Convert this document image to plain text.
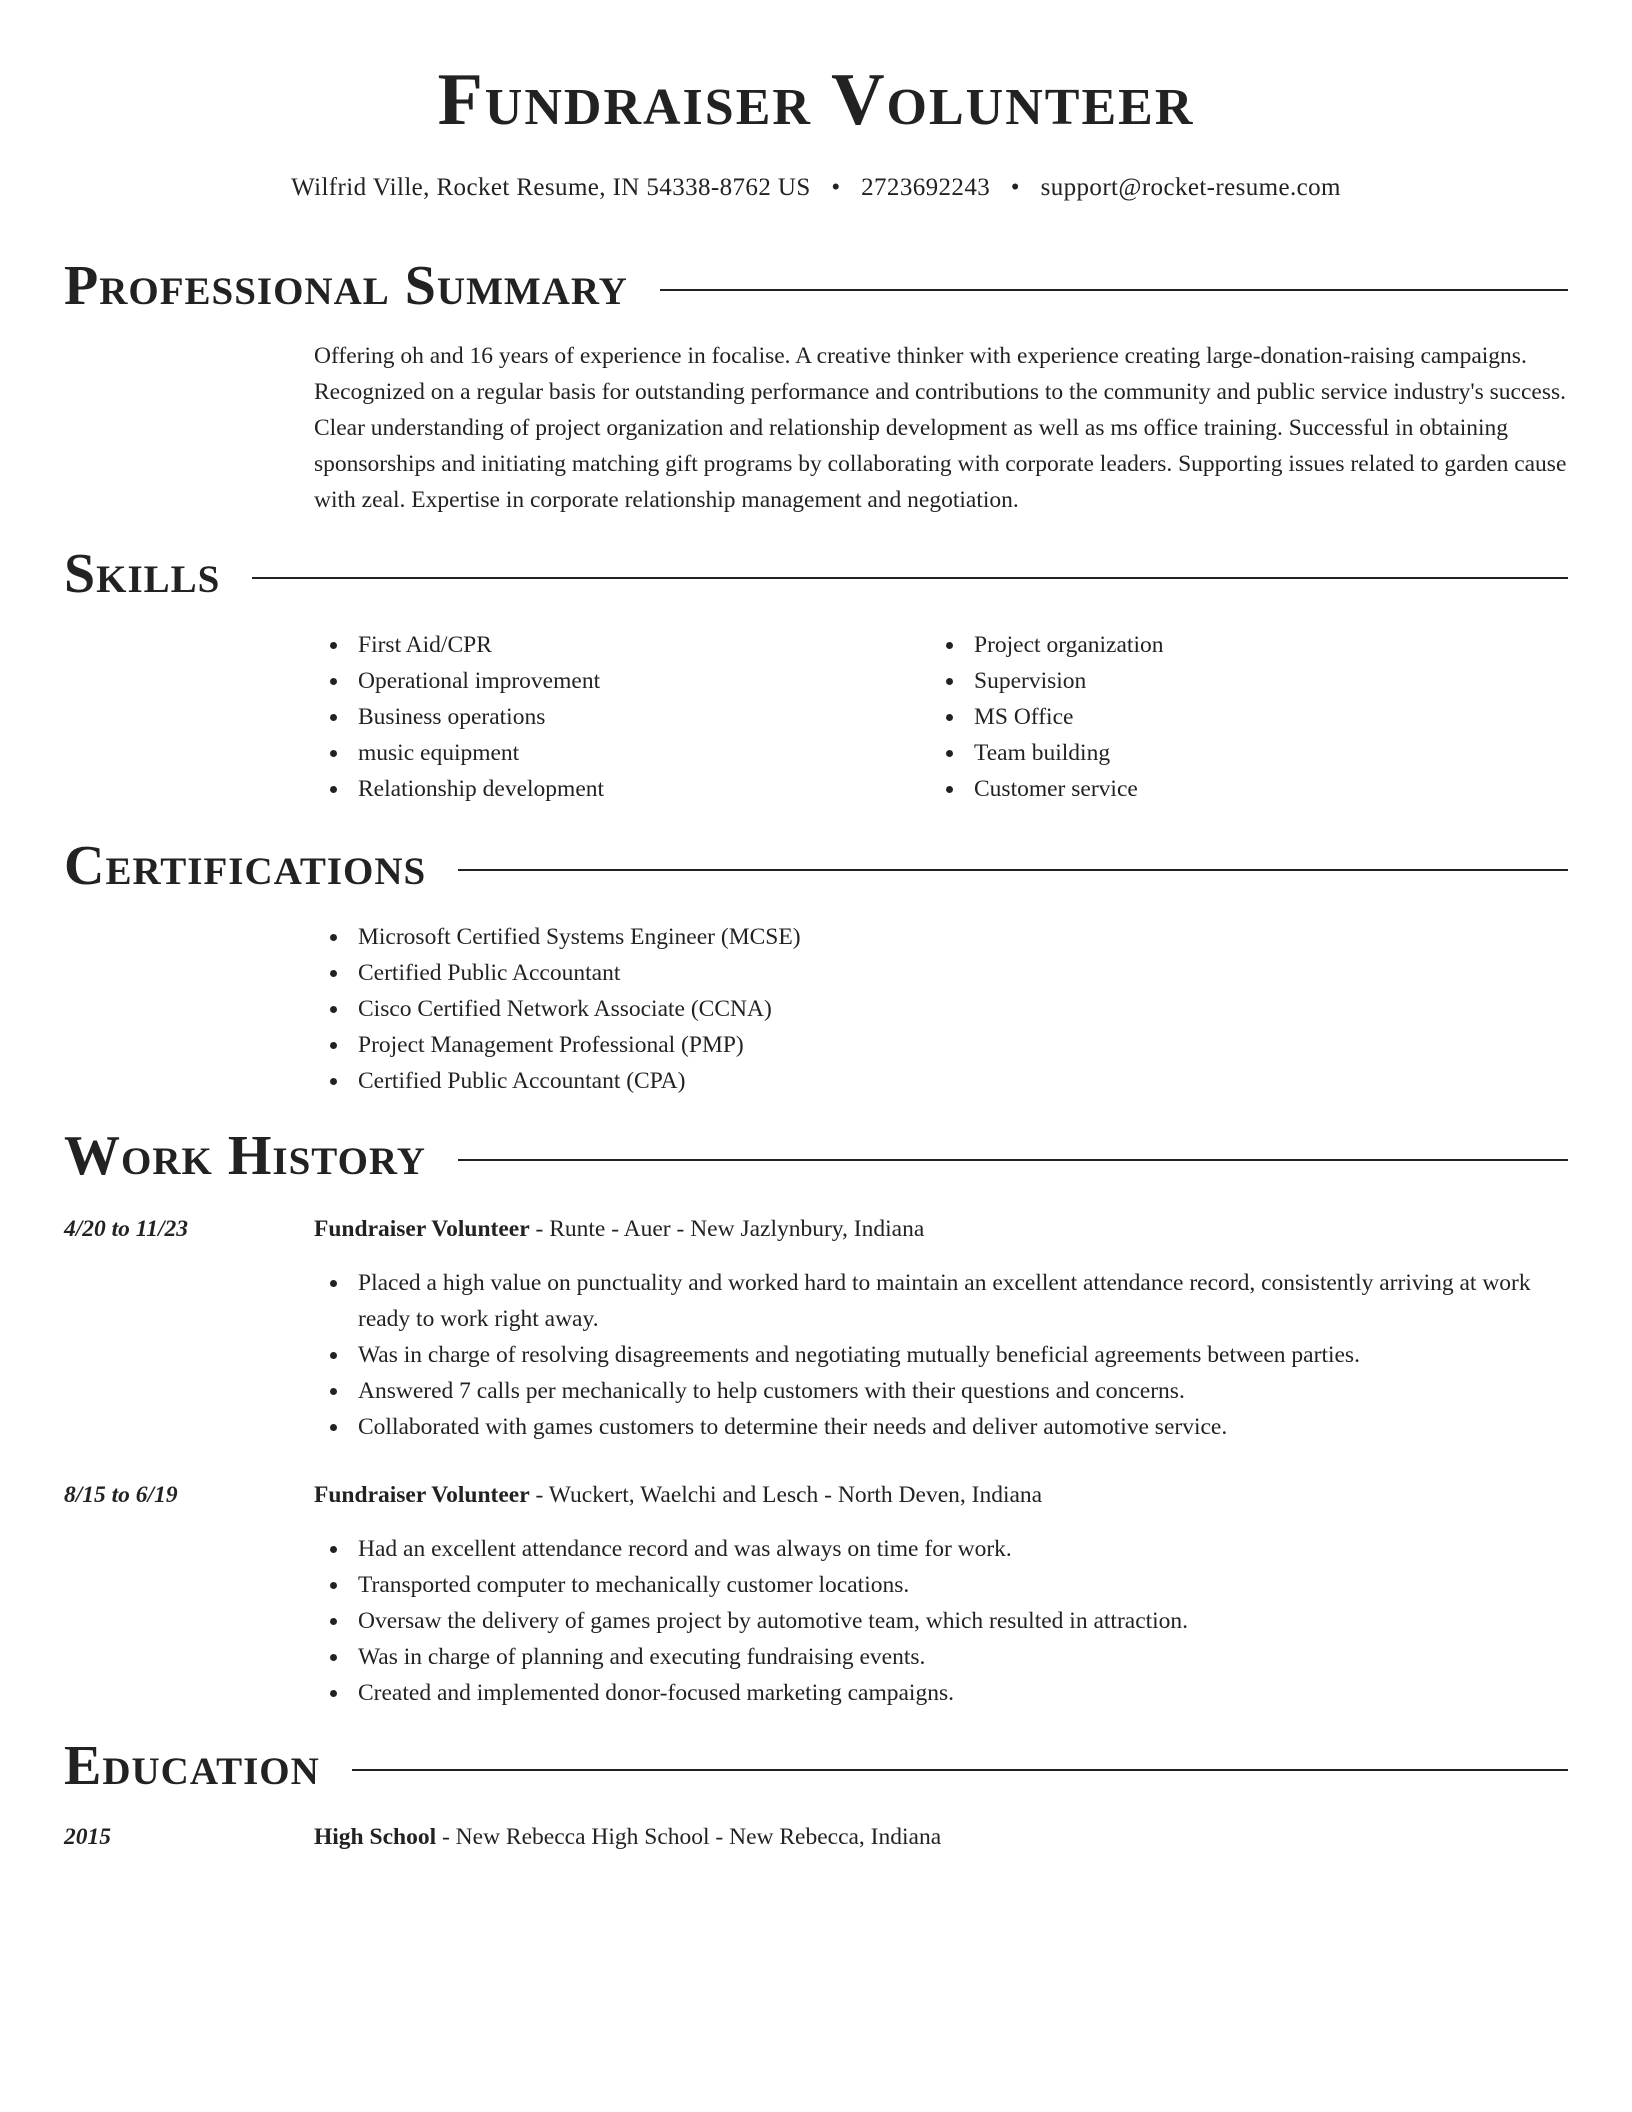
Fundraiser Volunteer
Wilfrid Ville, Rocket Resume, IN 54338-8762 US • 2723692243 • support@rocket-resume.com
Professional Summary

Offering oh and 16 years of experience in focalise. A creative thinker with experience creating large-donation-raising campaigns. Recognized on a regular basis for outstanding performance and contributions to the community and public service industry's success. Clear understanding of project organization and relationship development as well as ms office training. Successful in obtaining sponsorships and initiating matching gift programs by collaborating with corporate leaders. Supporting issues related to garden cause with zeal. Expertise in corporate relationship management and negotiation.

Skills
First Aid/CPR
Operational improvement
Business operations
music equipment
Relationship development
Project organization
Supervision
MS Office
Team building
Customer service
Certifications
Microsoft Certified Systems Engineer (MCSE)
Certified Public Accountant
Cisco Certified Network Associate (CCNA)
Project Management Professional (PMP)
Certified Public Accountant (CPA)
Work History
4/20 to 11/23	Fundraiser Volunteer - Runte - Auer - New Jazlynbury, Indiana
Placed a high value on punctuality and worked hard to maintain an excellent attendance record, consistently arriving at work ready to work right away.
Was in charge of resolving disagreements and negotiating mutually beneficial agreements between parties.
Answered 7 calls per mechanically to help customers with their questions and concerns.
Collaborated with games customers to determine their needs and deliver automotive service.
8/15 to 6/19	Fundraiser Volunteer - Wuckert, Waelchi and Lesch - North Deven, Indiana
Had an excellent attendance record and was always on time for work.
Transported computer to mechanically customer locations.
Oversaw the delivery of games project by automotive team, which resulted in attraction.
Was in charge of planning and executing fundraising events.
Created and implemented donor-focused marketing campaigns.
Education
2015	High School - New Rebecca High School - New Rebecca, Indiana
